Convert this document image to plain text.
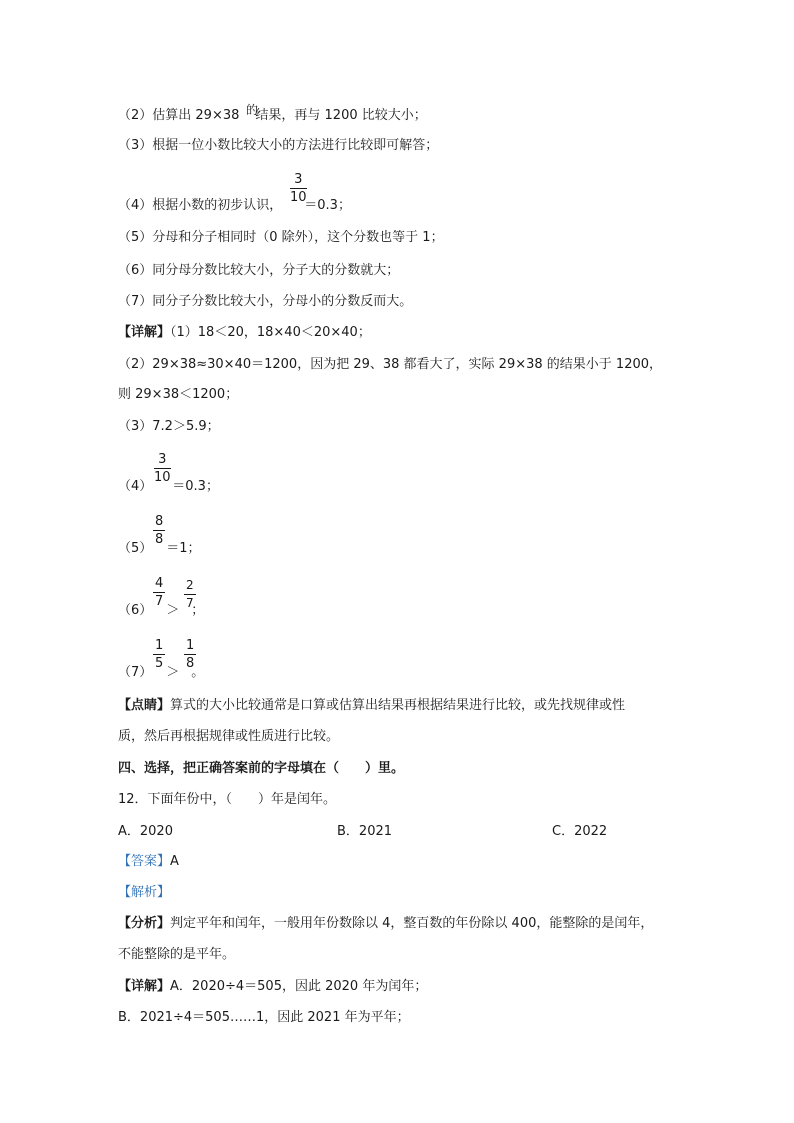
（2）估算出 29×38 结果，再与 1200 比较大小；
的
（3）根据一位小数比较大小的方法进行比较即可解答；
（4）根据小数的初步认识， ＝0.3；
$\frac{3}{10}$
（5）分母和分子相同时（0 除外），这个分数也等于 1；
（6）同分母分数比较大小，分子大的分数就大；
（7）同分子分数比较大小，分母小的分数反而大。
【详解】（1）18＜20，18×40＜20×40；
（2）29×38≈30×40＝1200，因为把 29、38 都看大了，实际 29×38 的结果小于 1200，
则 29×38＜1200；
（3）7.2＞5.9；
（4） ＝0.3；
$\frac{3}{10}$
（5） ＝1；
$\frac{8}{8}$
（6） ＞ ；
$\frac{4}{7} \frac{2}{7}$
（7） ＞ 。
$\frac{1}{5} \frac{1}{8}$
【点睛】算式的大小比较通常是口算或估算出结果再根据结果进行比较，或先找规律或性
质，然后再根据规律或性质进行比较。
四、选择，把正确答案前的字母填在（　　）里。
12．下面年份中，（　　）年是闰年。
A．2020	B．2021	C．2022
【答案】A
【解析】
【分析】判定平年和闰年，一般用年份数除以 4，整百数的年份除以 400，能整除的是闰年，
不能整除的是平年。
【详解】A．2020÷4＝505，因此 2020 年为闰年；
B．2021÷4＝505……1，因此 2021 年为平年；
